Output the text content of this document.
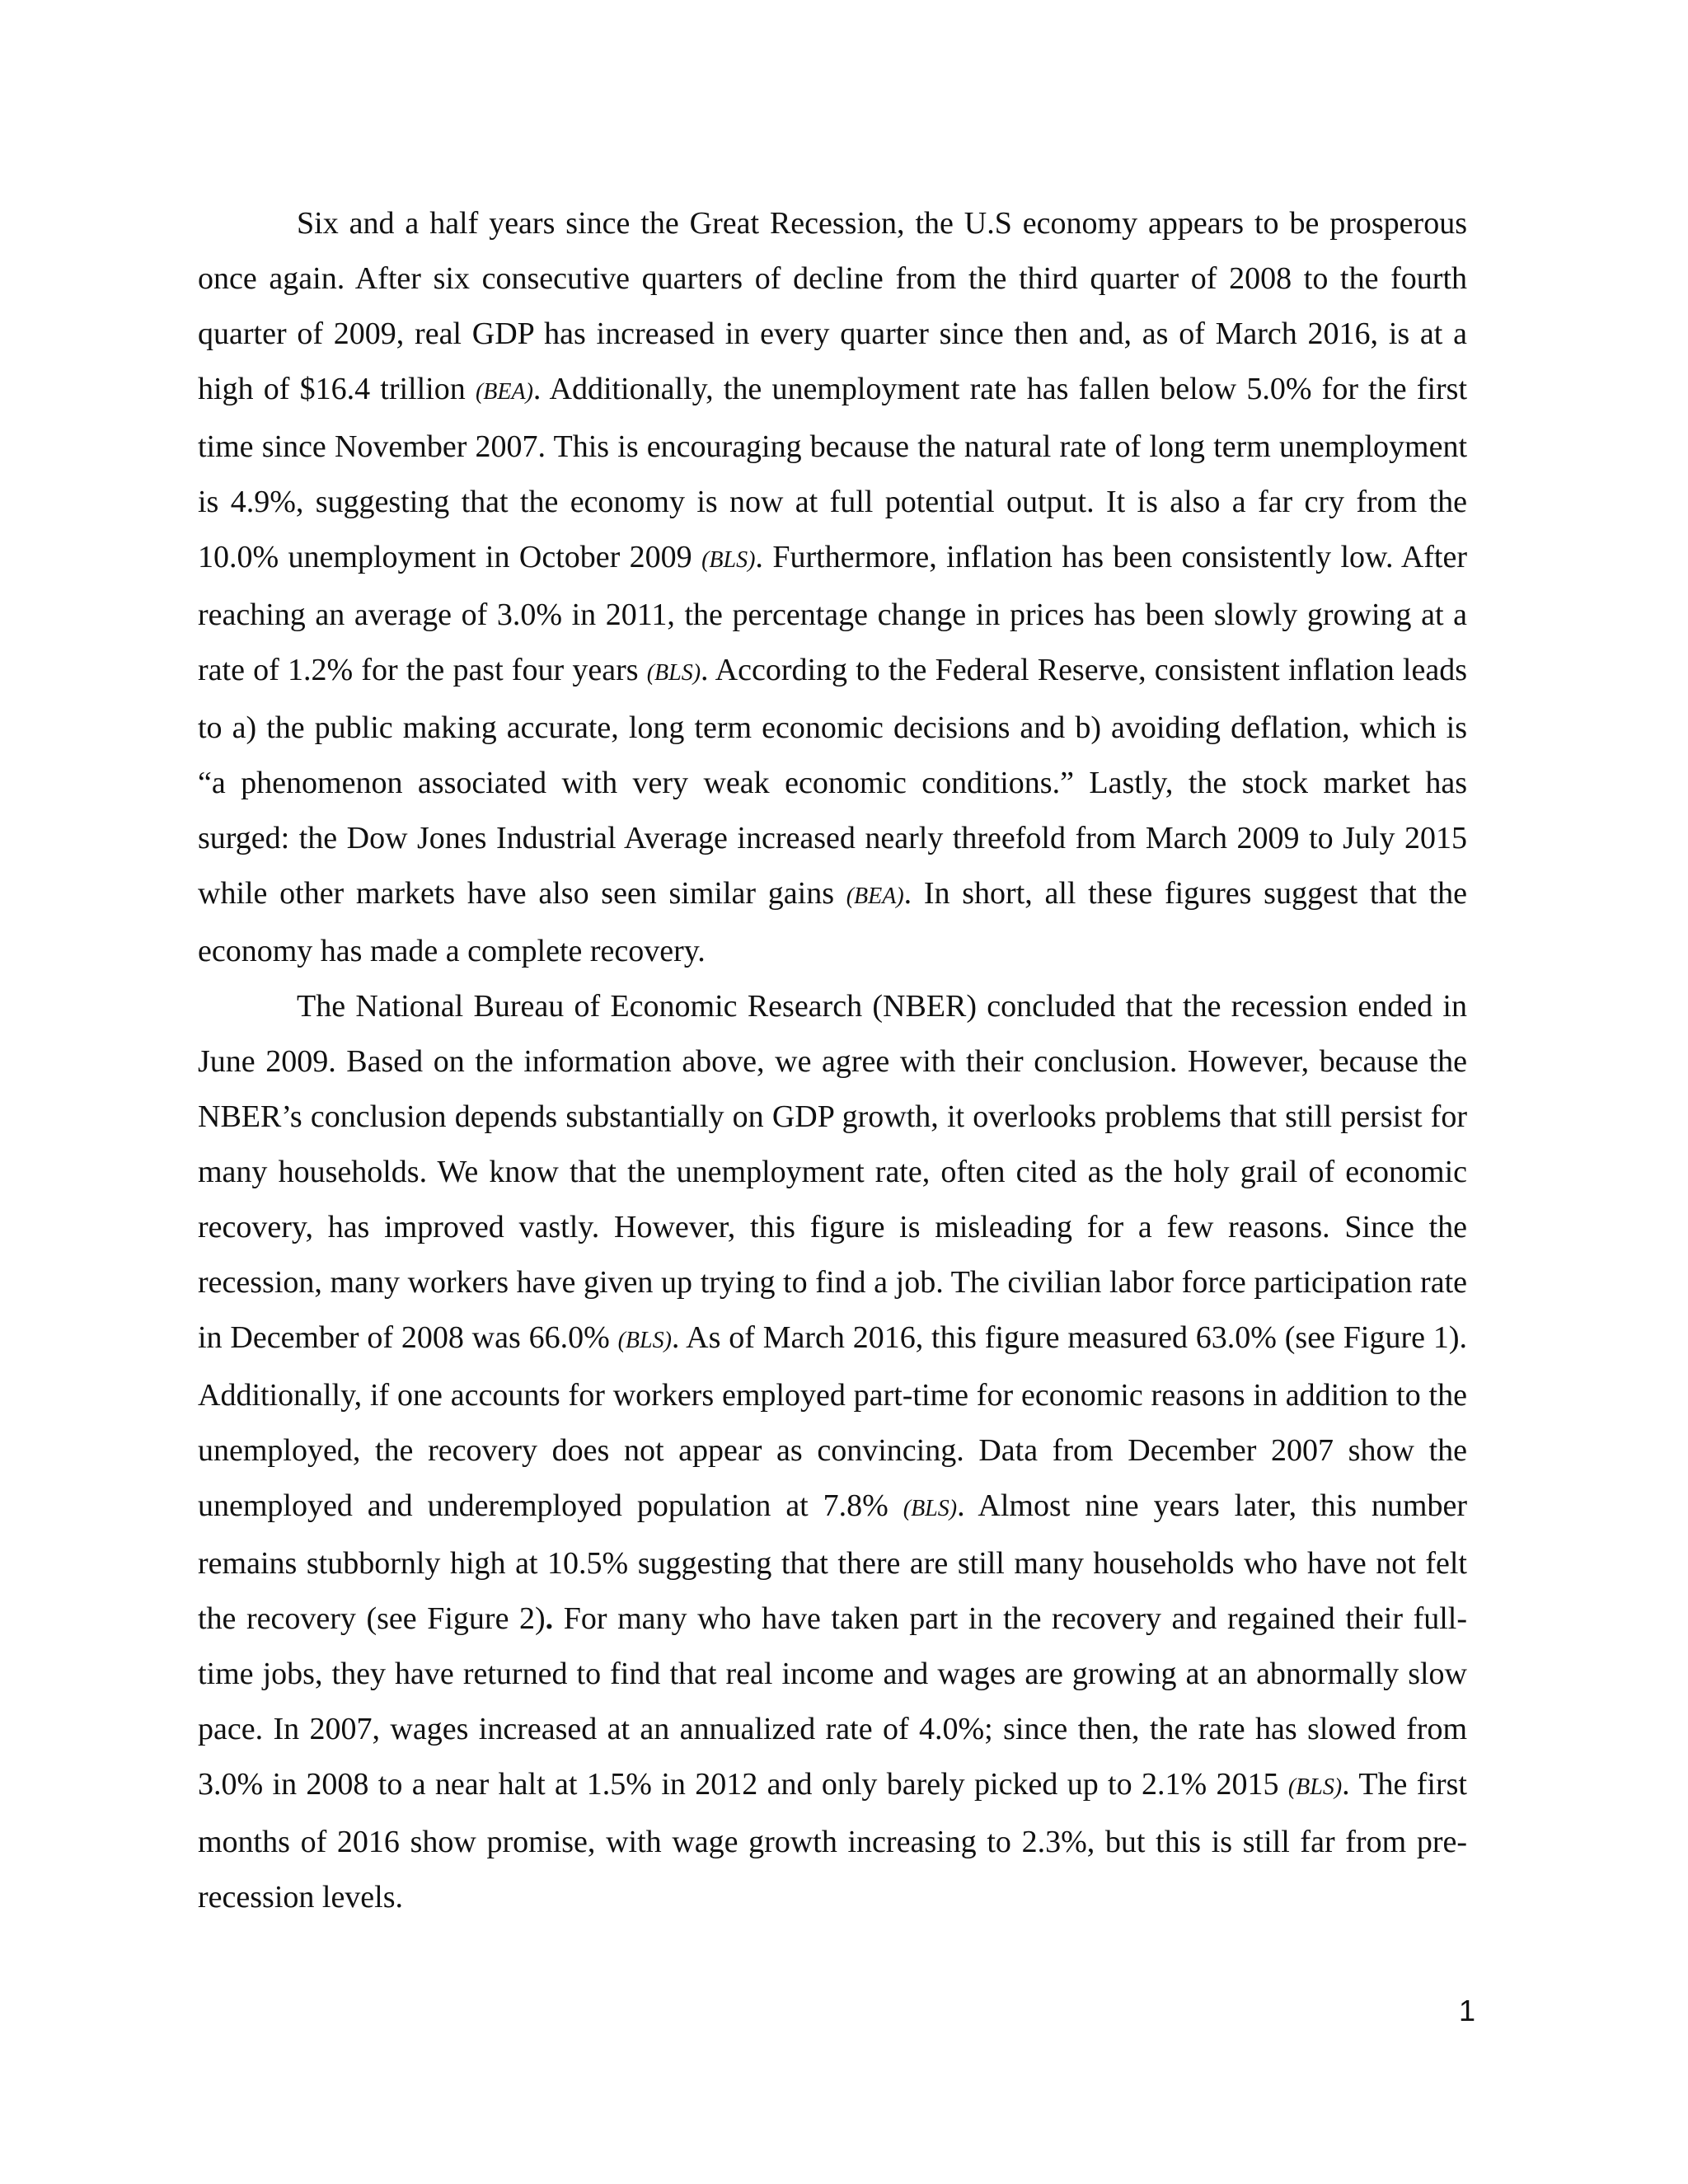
Six and a half years since the Great Recession, the U.S economy appears to be prosperous once again. After six consecutive quarters of decline from the third quarter of 2008 to the fourth quarter of 2009, real GDP has increased in every quarter since then and, as of March 2016, is at a high of $16.4 trillion (BEA). Additionally, the unemployment rate has fallen below 5.0% for the first time since November 2007. This is encouraging because the natural rate of long term unemployment is 4.9%, suggesting that the economy is now at full potential output. It is also a far cry from the 10.0% unemployment in October 2009 (BLS). Furthermore, inflation has been consistently low. After reaching an average of 3.0% in 2011, the percentage change in prices has been slowly growing at a rate of 1.2% for the past four years (BLS). According to the Federal Reserve, consistent inflation leads to a) the public making accurate, long term economic decisions and b) avoiding deflation, which is “a phenomenon associated with very weak economic conditions.” Lastly, the stock market has surged: the Dow Jones Industrial Average increased nearly threefold from March 2009 to July 2015 while other markets have also seen similar gains (BEA). In short, all these figures suggest that the economy has made a complete recovery.

The National Bureau of Economic Research (NBER) concluded that the recession ended in June 2009. Based on the information above, we agree with their conclusion. However, because the NBER’s conclusion depends substantially on GDP growth, it overlooks problems that still persist for many households. We know that the unemployment rate, often cited as the holy grail of economic recovery, has improved vastly. However, this figure is misleading for a few reasons. Since the recession, many workers have given up trying to find a job. The civilian labor force participation rate in December of 2008 was 66.0% (BLS). As of March 2016, this figure measured 63.0% (see Figure 1). Additionally, if one accounts for workers employed part-time for economic reasons in addition to the unemployed, the recovery does not appear as convincing. Data from December 2007 show the unemployed and underemployed population at 7.8% (BLS). Almost nine years later, this number remains stubbornly high at 10.5% suggesting that there are still many households who have not felt the recovery (see Figure 2). For many who have taken part in the recovery and regained their full-time jobs, they have returned to find that real income and wages are growing at an abnormally slow pace. In 2007, wages increased at an annualized rate of 4.0%; since then, the rate has slowed from 3.0% in 2008 to a near halt at 1.5% in 2012 and only barely picked up to 2.1% 2015 (BLS). The first months of 2016 show promise, with wage growth increasing to 2.3%, but this is still far from pre-recession levels.

1
